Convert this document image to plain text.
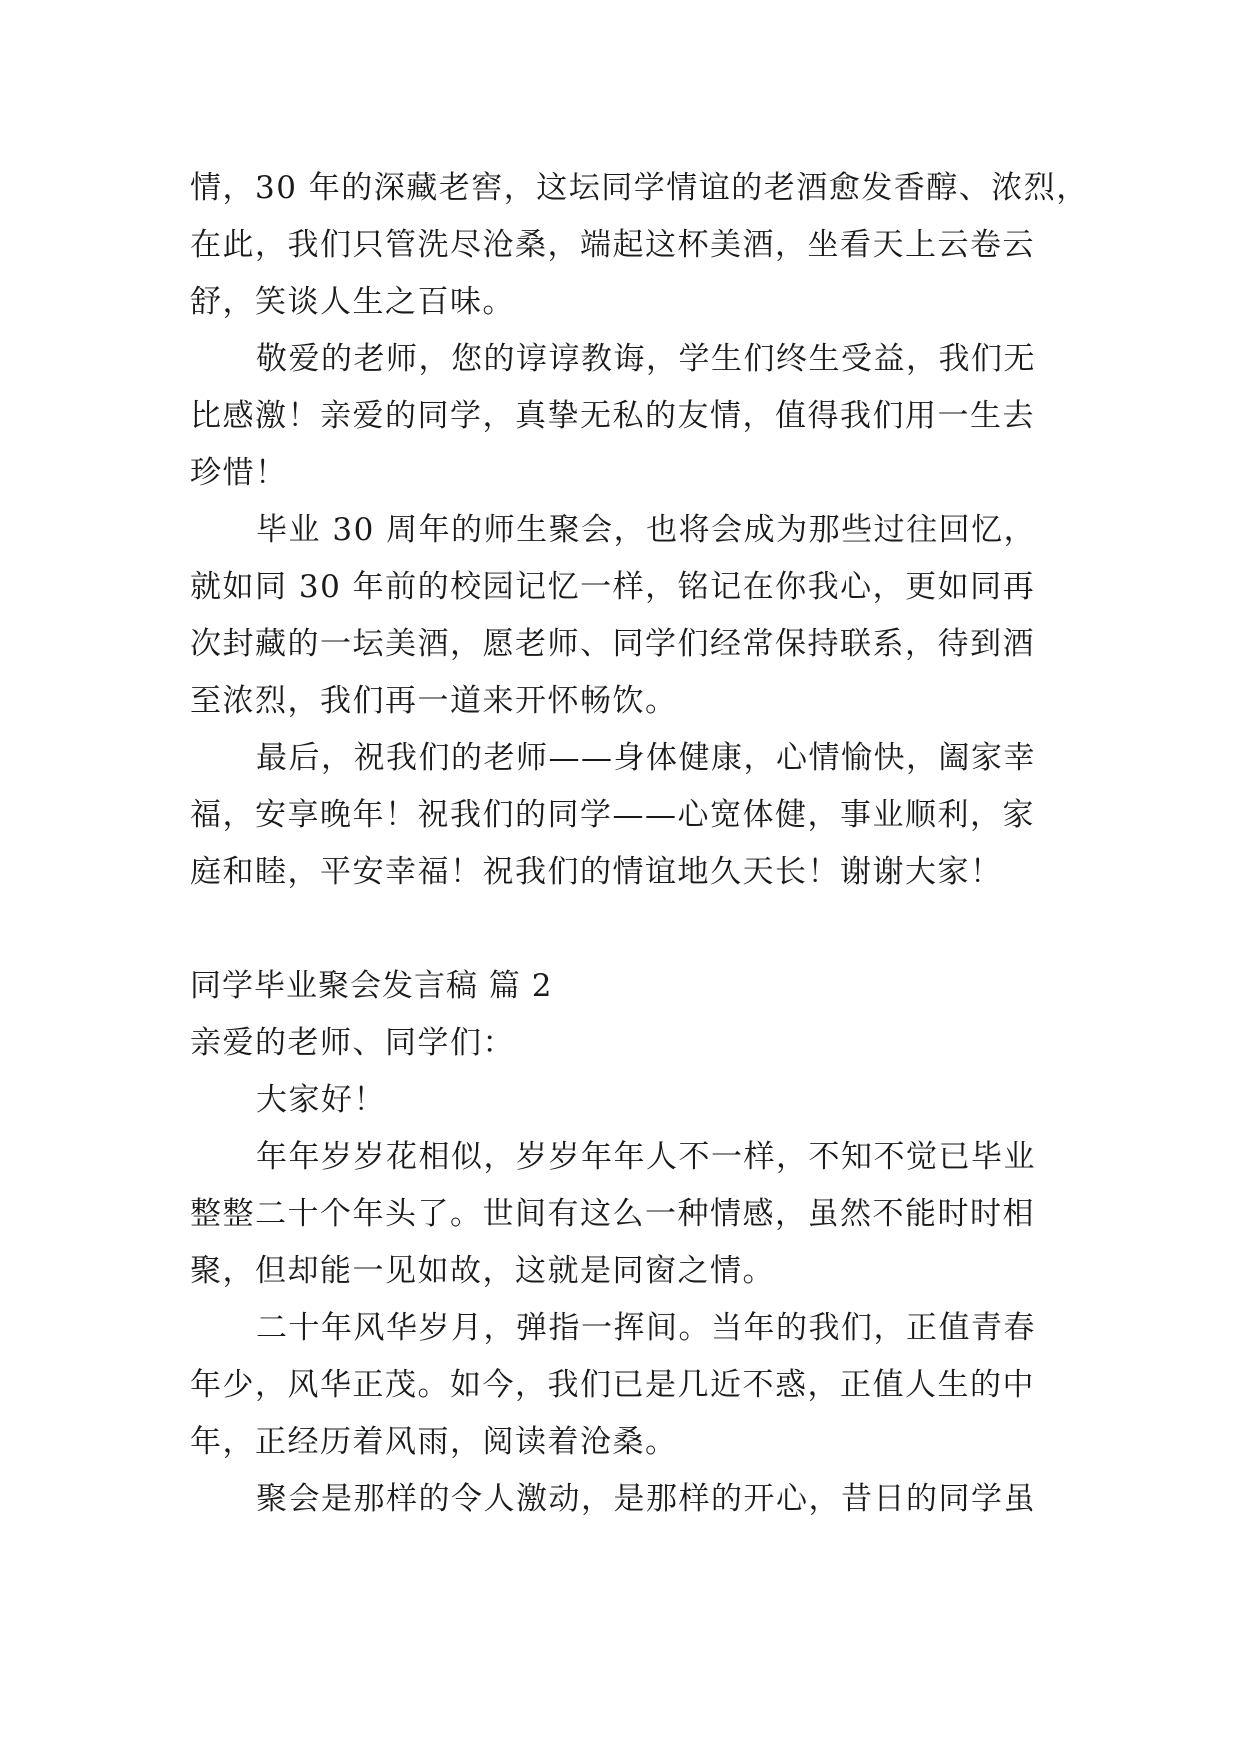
情，30 年的深藏老窖，这坛同学情谊的老酒愈发香醇、浓烈，
在此，我们只管洗尽沧桑，端起这杯美酒，坐看天上云卷云
舒，笑谈人生之百味。
敬爱的老师，您的谆谆教诲，学生们终生受益，我们无
比感激！亲爱的同学，真挚无私的友情，值得我们用一生去
珍惜！
毕业 30 周年的师生聚会，也将会成为那些过往回忆，
就如同 30 年前的校园记忆一样，铭记在你我心，更如同再
次封藏的一坛美酒，愿老师、同学们经常保持联系，待到酒
至浓烈，我们再一道来开怀畅饮。
最后，祝我们的老师——身体健康，心情愉快，阖家幸
福，安享晚年！祝我们的同学——心宽体健，事业顺利，家
庭和睦，平安幸福！祝我们的情谊地久天长！谢谢大家！
同学毕业聚会发言稿 篇 2
亲爱的老师、同学们：
大家好！
年年岁岁花相似，岁岁年年人不一样，不知不觉已毕业
整整二十个年头了。世间有这么一种情感，虽然不能时时相
聚，但却能一见如故，这就是同窗之情。
二十年风华岁月，弹指一挥间。当年的我们，正值青春
年少，风华正茂。如今，我们已是几近不惑，正值人生的中
年，正经历着风雨，阅读着沧桑。
聚会是那样的令人激动，是那样的开心，昔日的同学虽
